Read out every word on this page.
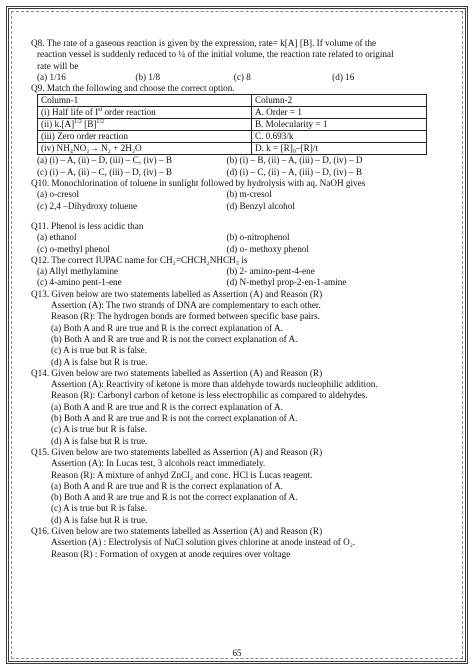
Q8. The rate of a gaseous reaction is given by the expression, rate= k[A] [B]. If volume of the
reaction vessel is suddenly reduced to ¼ of the initial volume, the reaction rate related to original
rate will be
(a) 1/16	(b) 1/8	(c) 8	(d) 16
Q9. Match the following and choose the correct option.
Column-1	Column-2
(i) Half life of Ist order reaction	A. Order = 1
(ii) $k.[A]^{1/2}$ $[B]^{1/2}$	B. Molecularity = 1
(iii) Zero order reaction	C. 0.693/k
(iv) NH₄NO₂→ N₂ + 2H₂O	D. k = [R]₀–[R]/t
(a) (i) – A, (ii) – D, (iii) – C, (iv) – B	(b) (i) – B, (ii) – A, (iii) – D, (iv) – D
(c) (i) – A, (ii) – C, (iii) – D, (iv) – B	(d) (i) – C, (ii) – A, (iii) – D, (iv) – B
Q10. Monochlorination of toluene in sunlight followed by hydrolysis with aq. NaOH gives
(a) o-cresol	(b) m-cresol
(c) 2,4 –Dihydroxy toluene	(d) Benzyl alcohol
Q11. Phenol is less acidic than
(a) ethanol	(b) o-nitrophenol
(c) o-methyl phenol	(d) o- methoxy phenol
Q12. The correct IUPAC name for CH₂=CHCH₂NHCH₃ is
(a) Allyl methylamine	(b) 2- amino-pent-4-ene
(c) 4-amino pent-1-ene	(d) N-methyl prop-2-en-1-amine
Q13. Given below are two statements labelled as Assertion (A) and Reason (R)
Assertion (A): The two strands of DNA are complementary to each other.
Reason (R): The hydrogen bonds are formed between specific base pairs.
(a) Both A and R are true and R is the correct explanation of A.
(b) Both A and R are true and R is not the correct explanation of A.
(c) A is true but R is false.
(d) A is false but R is true.
Q14. Given below are two statements labelled as Assertion (A) and Reason (R)
Assertion (A): Reactivity of ketone is more than aldehyde towards nucleophilic addition.
Reason (R): Carbonyl carbon of ketone is less electrophilic as compared to aldehydes.
(a) Both A and R are true and R is the correct explanation of A.
(b) Both A and R are true and R is not the correct explanation of A.
(c) A is true but R is false.
(d) A is false but R is true.
Q15. Given below are two statements labelled as Assertion (A) and Reason (R)
Assertion (A): In Lucas test, 3 alcohols react immediately.
Reason (R): A mixture of anhyd ZnCl₂ and conc. HCl is Lucas reagent.
(a) Both A and R are true and R is the correct explanation of A.
(b) Both A and R are true and R is not the correct explanation of A.
(c) A is true but R is false.
(d) A is false but R is true.
Q16. Given below are two statements labelled as Assertion (A) and Reason (R)
Assertion (A) : Electrolysis of NaCl solution gives chlorine at anode instead of O₂.
Reason (R) : Formation of oxygen at anode requires over voltage
65
